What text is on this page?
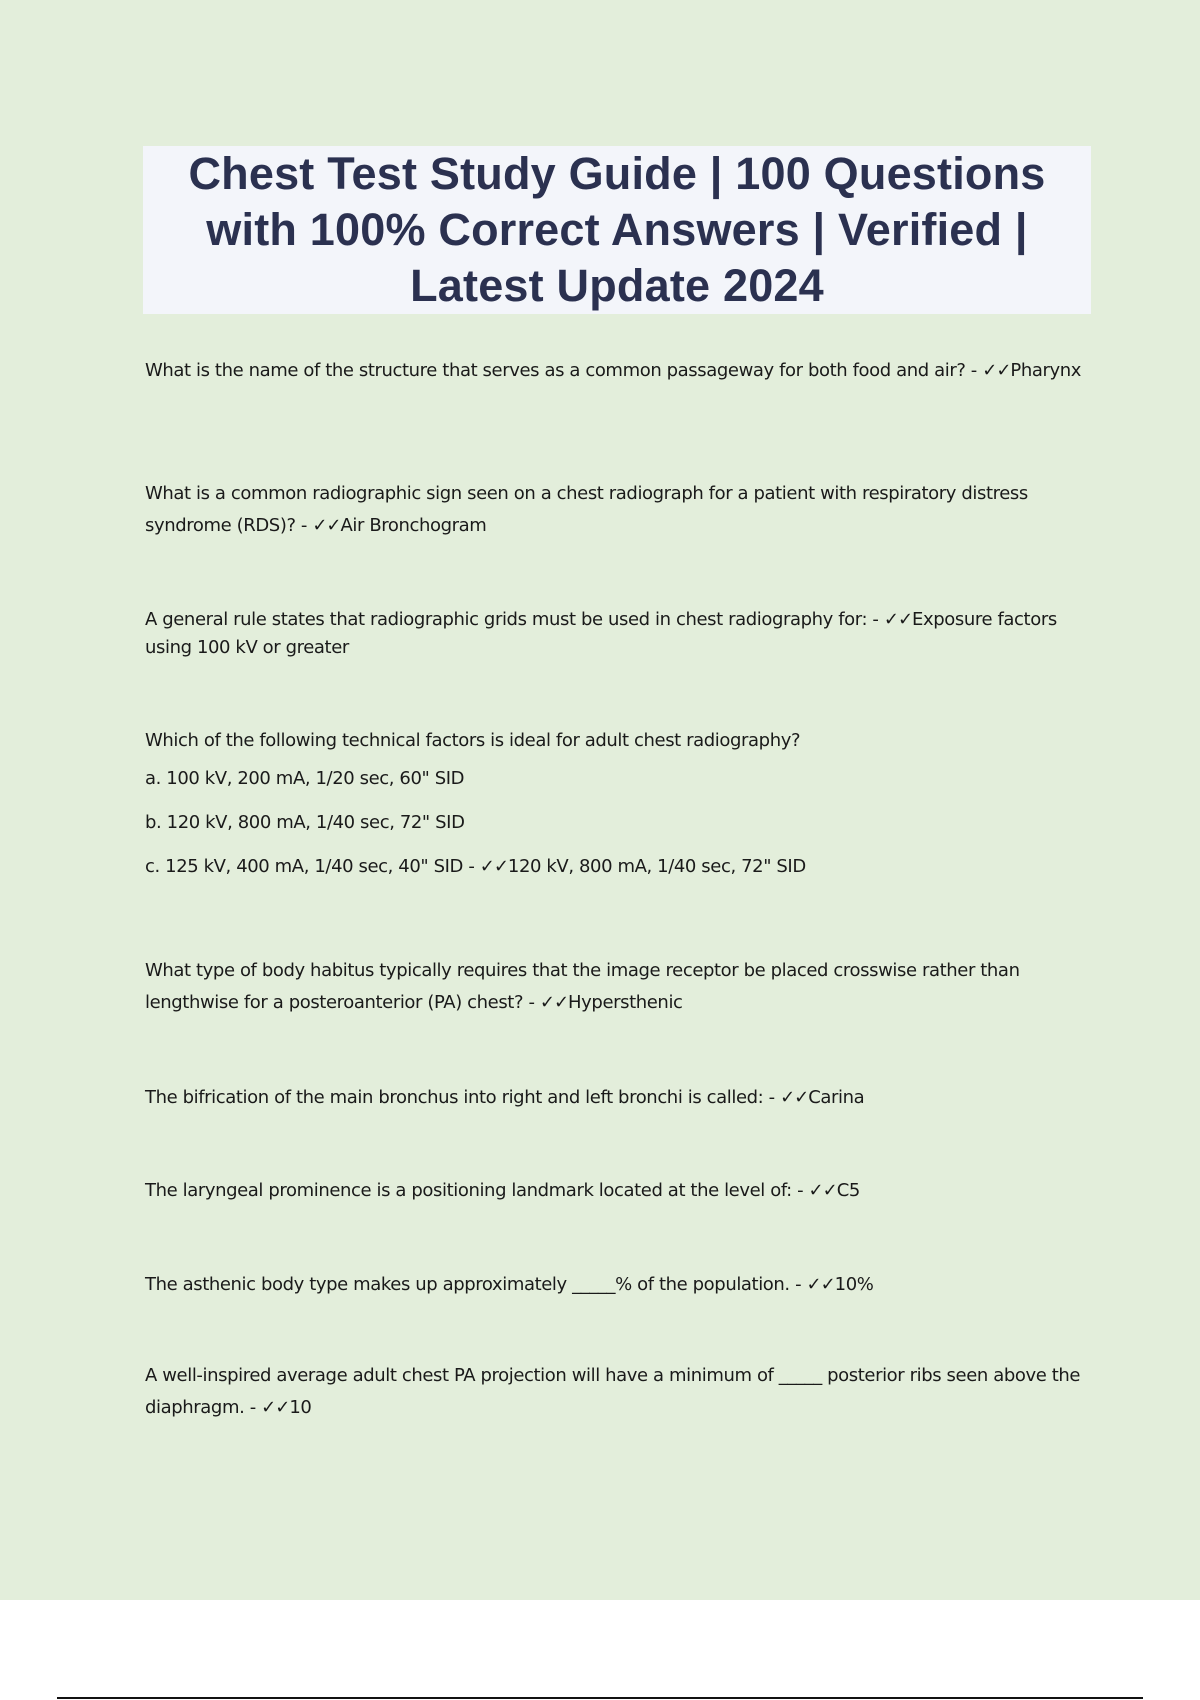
Chest Test Study Guide | 100 Questions with 100% Correct Answers | Verified | Latest Update 2024

What is the name of the structure that serves as a common passageway for both food and air? - ✓✓Pharynx

What is a common radiographic sign seen on a chest radiograph for a patient with respiratory distress syndrome (RDS)? - ✓✓Air Bronchogram

A general rule states that radiographic grids must be used in chest radiography for: - ✓✓Exposure factors using 100 kV or greater

Which of the following technical factors is ideal for adult chest radiography?

a. 100 kV, 200 mA, 1/20 sec, 60" SID

b. 120 kV, 800 mA, 1/40 sec, 72" SID

c. 125 kV, 400 mA, 1/40 sec, 40" SID - ✓✓120 kV, 800 mA, 1/40 sec, 72" SID

What type of body habitus typically requires that the image receptor be placed crosswise rather than lengthwise for a posteroanterior (PA) chest? - ✓✓Hypersthenic

The bifrication of the main bronchus into right and left bronchi is called: - ✓✓Carina

The laryngeal prominence is a positioning landmark located at the level of: - ✓✓C5

The asthenic body type makes up approximately _____% of the population. - ✓✓10%

A well-inspired average adult chest PA projection will have a minimum of _____ posterior ribs seen above the diaphragm. - ✓✓10
